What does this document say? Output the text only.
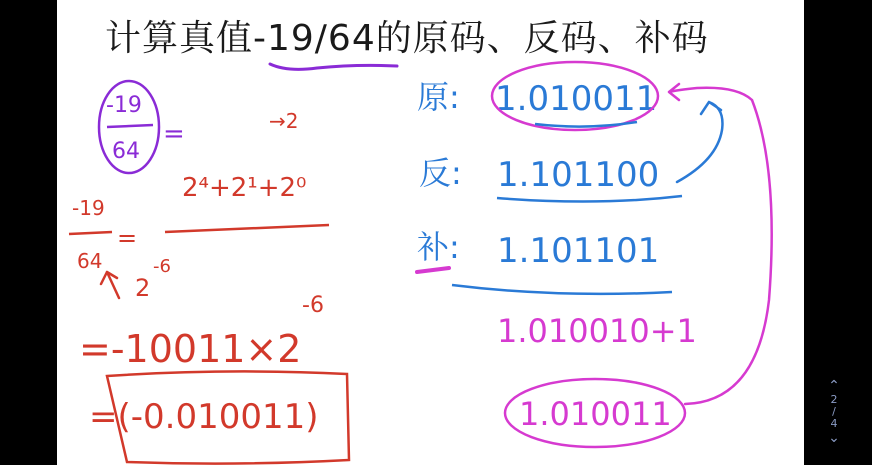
计算真值-19/64的原码、反码、补码
-19
64
=	→2
2⁴+2¹+2⁰
-19
=
64
2
-6
=-10011×2
-6
=(-0.010011)
原: 1.010011
反: 1.101100
补: 1.101101
1.010010+1
1.010011
⌃
2
/
4
⌄
